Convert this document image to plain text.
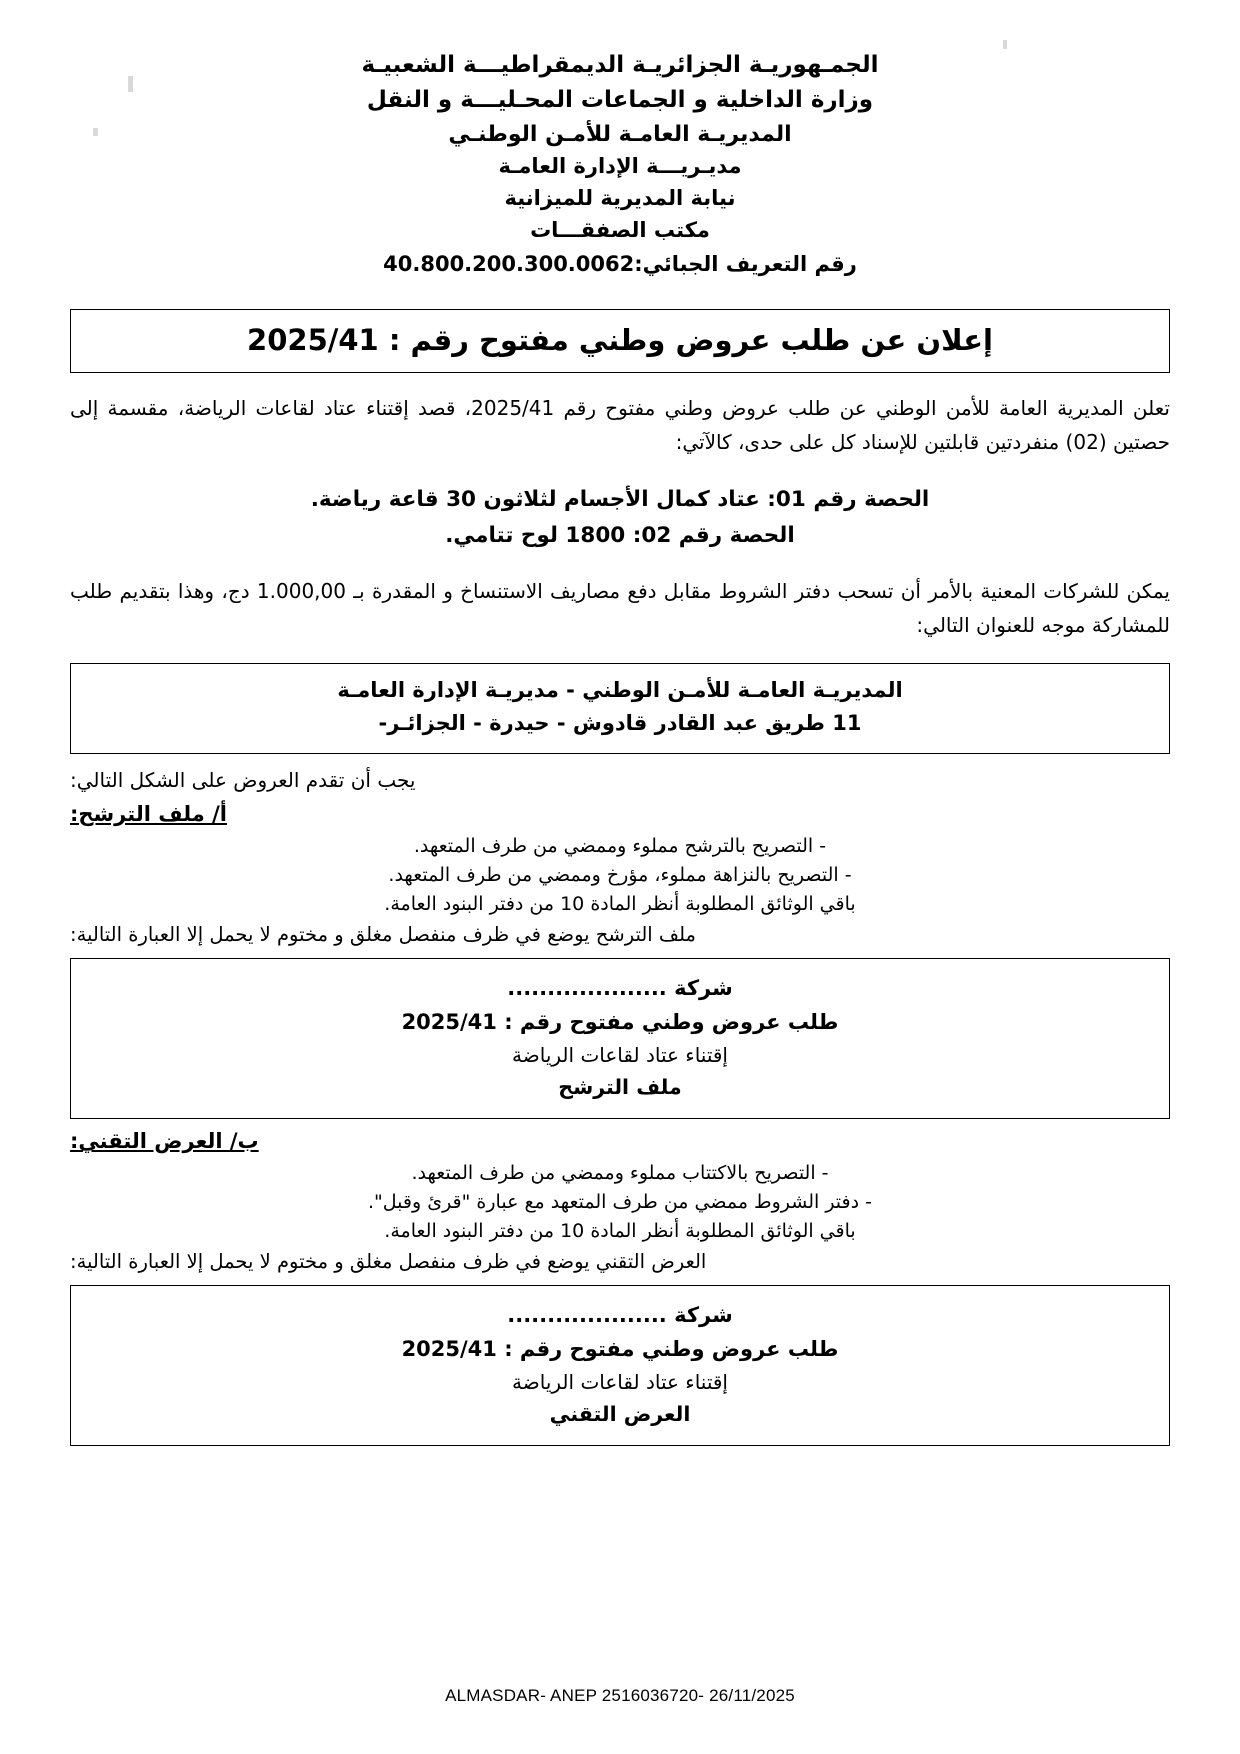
الجمـهوريـة الجزائريـة الديمقراطيـــة الشعبيـة
وزارة الداخلية و الجماعات المحـليـــة و النقل
المديريـة العامـة للأمـن الوطنـي
مديـريـــة الإدارة العامـة
نيابة المديرية للميزانية
مكتب الصفقـــات
رقم التعريف الجبائي:40.800.200.300.0062
إعلان عن طلب عروض وطني مفتوح رقم : 2025/41
تعلن المديرية العامة للأمن الوطني عن طلب عروض وطني مفتوح رقم 2025/41، قصد إقتناء عتاد لقاعات الرياضة، مقسمة إلى حصتين (02) منفردتين قابلتين للإسناد كل على حدى، كالآتي:
الحصة رقم 01: عتاد كمال الأجسام لثلاثون 30 قاعة رياضة.
الحصة رقم 02: 1800 لوح تتامي.
يمكن للشركات المعنية بالأمر أن تسحب دفتر الشروط مقابل دفع مصاريف الاستنساخ و المقدرة بـ 1.000,00 دج، وهذا بتقديم طلب للمشاركة موجه للعنوان التالي:
المديريـة العامـة للأمـن الوطني - مديريـة الإدارة العامـة
11 طريق عبد القادر قادوش - حيدرة - الجزائـر-
يجب أن تقدم العروض على الشكل التالي:
أ/ ملف الترشح:
- التصريح بالترشح مملوء وممضي من طرف المتعهد.
- التصريح بالنزاهة مملوء، مؤرخ وممضي من طرف المتعهد.
باقي الوثائق المطلوبة أنظر المادة 10 من دفتر البنود العامة.
ملف الترشح يوضع في ظرف منفصل مغلق و مختوم لا يحمل إلا العبارة التالية:
شركة ....................
طلب عروض وطني مفتوح رقم : 2025/41
إقتناء عتاد لقاعات الرياضة
ملف الترشح
ب/ العرض التقني:
- التصريح بالاكتتاب مملوء وممضي من طرف المتعهد.
- دفتر الشروط ممضي من طرف المتعهد مع عبارة "قرئ وقبل".
باقي الوثائق المطلوبة أنظر المادة 10 من دفتر البنود العامة.
العرض التقني يوضع في ظرف منفصل مغلق و مختوم لا يحمل إلا العبارة التالية:
شركة ....................
طلب عروض وطني مفتوح رقم : 2025/41
إقتناء عتاد لقاعات الرياضة
العرض التقني
ALMASDAR- ANEP 2516036720- 26/11/2025
